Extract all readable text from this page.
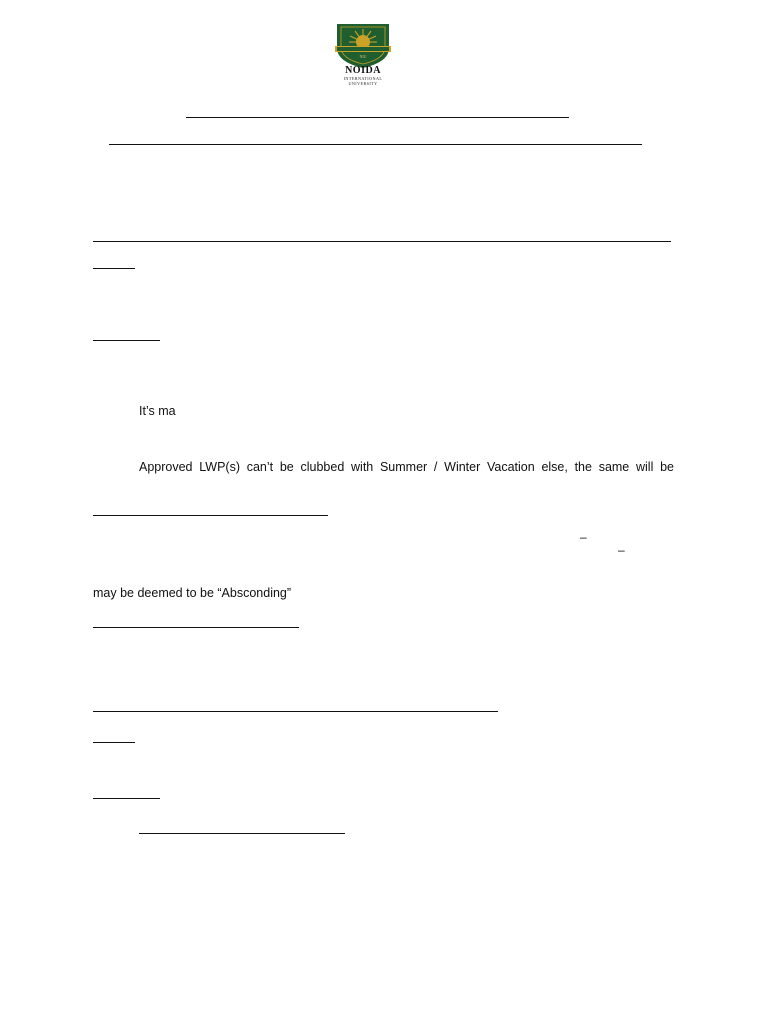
NIU
NOIDA
INTERNATIONAL
UNIVERSITY
It’s ma
Approved LWP(s) can’t be clubbed with Summer / Winter Vacation else, the same will be
–
–
may be deemed to be “Absconding”
